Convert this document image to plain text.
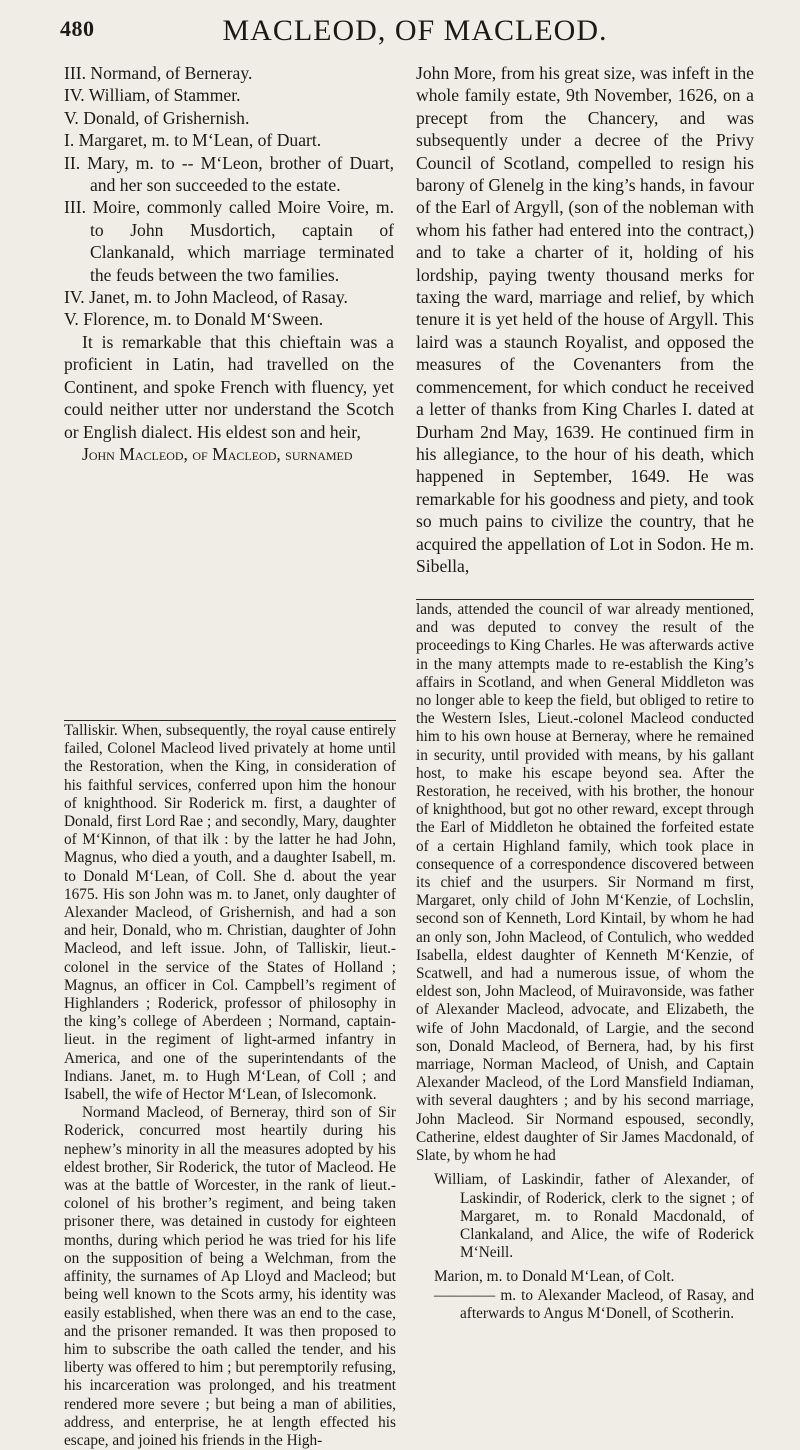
480	MACLEOD, OF MACLEOD.

III. Normand, of Berneray.

IV. William, of Stammer.

V. Donald, of Grishernish.

I. Margaret, m. to M‘Lean, of Duart.

II. Mary, m. to -- M‘Leon, brother of Duart, and her son succeeded to the estate.

III. Moire, commonly called Moire Voire, m. to John Musdortich, captain of Clankanald, which marriage terminated the feuds between the two families.

IV. Janet, m. to John Macleod, of Rasay.

V. Florence, m. to Donald M‘Sween.

It is remarkable that this chieftain was a proficient in Latin, had travelled on the Continent, and spoke French with fluency, yet could neither utter nor understand the Scotch or English dialect. His eldest son and heir,

John Macleod, of Macleod, surnamed

John More, from his great size, was infeft in the whole family estate, 9th November, 1626, on a precept from the Chancery, and was subsequently under a decree of the Privy Council of Scotland, compelled to resign his barony of Glenelg in the king’s hands, in favour of the Earl of Argyll, (son of the nobleman with whom his father had entered into the contract,) and to take a charter of it, holding of his lordship, paying twenty thousand merks for taxing the ward, marriage and relief, by which tenure it is yet held of the house of Argyll. This laird was a staunch Royalist, and opposed the measures of the Covenanters from the commencement, for which conduct he received a letter of thanks from King Charles I. dated at Durham 2nd May, 1639. He continued firm in his allegiance, to the hour of his death, which happened in September, 1649. He was remarkable for his goodness and piety, and took so much pains to civilize the country, that he acquired the appellation of Lot in Sodon. He m. Sibella,

Talliskir. When, subsequently, the royal cause entirely failed, Colonel Macleod lived privately at home until the Restoration, when the King, in consideration of his faithful services, conferred upon him the honour of knighthood. Sir Roderick m. first, a daughter of Donald, first Lord Rae ; and secondly, Mary, daughter of M‘Kinnon, of that ilk : by the latter he had John, Magnus, who died a youth, and a daughter Isabell, m. to Donald M‘Lean, of Coll. She d. about the year 1675. His son John was m. to Janet, only daughter of Alexander Macleod, of Grishernish, and had a son and heir, Donald, who m. Christian, daughter of John Macleod, and left issue. John, of Talliskir, lieut.-colonel in the service of the States of Holland ; Magnus, an officer in Col. Campbell’s regiment of Highlanders ; Roderick, professor of philosophy in the king’s college of Aberdeen ; Normand, captain-lieut. in the regiment of light-armed infantry in America, and one of the superintendants of the Indians. Janet, m. to Hugh M‘Lean, of Coll ; and Isabell, the wife of Hector M‘Lean, of Islecomonk.

Normand Macleod, of Berneray, third son of Sir Roderick, concurred most heartily during his nephew’s minority in all the measures adopted by his eldest brother, Sir Roderick, the tutor of Macleod. He was at the battle of Worcester, in the rank of lieut.-colonel of his brother’s regiment, and being taken prisoner there, was detained in custody for eighteen months, during which period he was tried for his life on the supposition of being a Welchman, from the affinity, the surnames of Ap Lloyd and Macleod; but being well known to the Scots army, his identity was easily established, when there was an end to the case, and the prisoner remanded. It was then proposed to him to subscribe the oath called the tender, and his liberty was offered to him ; but peremptorily refusing, his incarceration was prolonged, and his treatment rendered more severe ; but being a man of abilities, address, and enterprise, he at length effected his escape, and joined his friends in the High-

lands, attended the council of war already mentioned, and was deputed to convey the result of the proceedings to King Charles. He was afterwards active in the many attempts made to re-establish the King’s affairs in Scotland, and when General Middleton was no longer able to keep the field, but obliged to retire to the Western Isles, Lieut.-colonel Macleod conducted him to his own house at Berneray, where he remained in security, until provided with means, by his gallant host, to make his escape beyond sea. After the Restoration, he received, with his brother, the honour of knighthood, but got no other reward, except through the Earl of Middleton he obtained the forfeited estate of a certain Highland family, which took place in consequence of a correspondence discovered between its chief and the usurpers. Sir Normand m first, Margaret, only child of John M‘Kenzie, of Lochslin, second son of Kenneth, Lord Kintail, by whom he had an only son, John Macleod, of Contulich, who wedded Isabella, eldest daughter of Kenneth M‘Kenzie, of Scatwell, and had a numerous issue, of whom the eldest son, John Macleod, of Muiravonside, was father of Alexander Macleod, advocate, and Elizabeth, the wife of John Macdonald, of Largie, and the second son, Donald Macleod, of Bernera, had, by his first marriage, Norman Macleod, of Unish, and Captain Alexander Macleod, of the Lord Mansfield Indiaman, with several daughters ; and by his second marriage, John Macleod. Sir Normand espoused, secondly, Catherine, eldest daughter of Sir James Macdonald, of Slate, by whom he had

William, of Laskindir, father of Alexander, of Laskindir, of Roderick, clerk to the signet ; of Margaret, m. to Ronald Macdonald, of Clankaland, and Alice, the wife of Roderick M‘Neill.

Marion, m. to Donald M‘Lean, of Colt.

———— m. to Alexander Macleod, of Rasay, and afterwards to Angus M‘Donell, of Scotherin.
